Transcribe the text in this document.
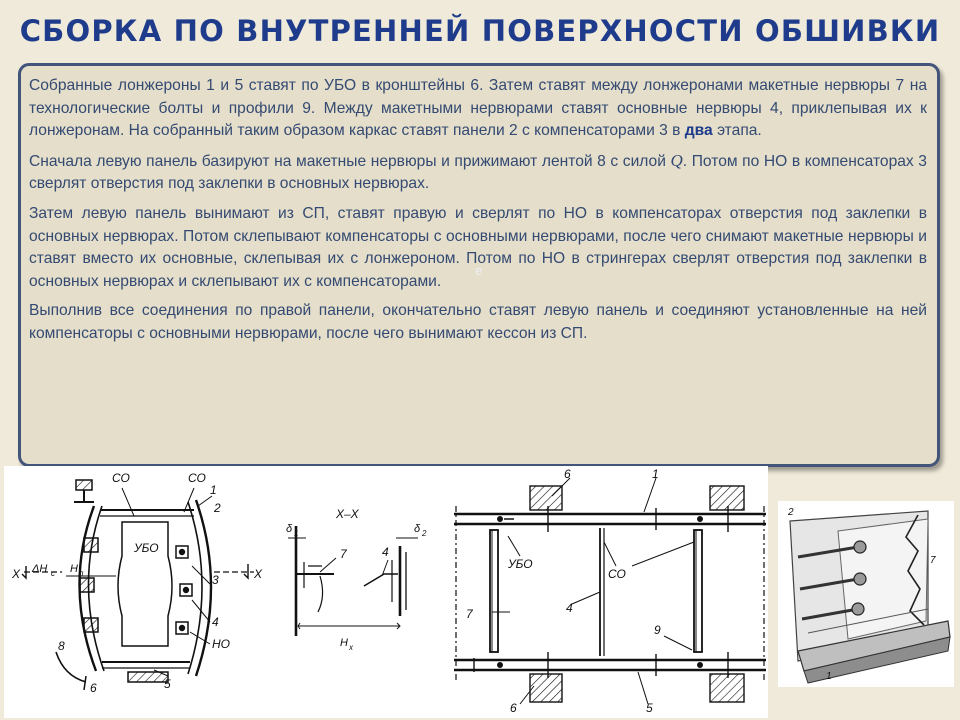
СБОРКА ПО ВНУТРЕННЕЙ ПОВЕРХНОСТИ ОБШИВКИ

Собранные лонжероны 1 и 5 ставят по УБО в кронштейны 6. Затем ставят между лонжеронами макетные нервюры 7 на технологические болты и профили 9. Между макетными нервюрами ставят основные нервюры 4, приклепывая их к лонжеронам. На собранный таким образом каркас ставят панели 2 с компенсаторами 3 в два этапа.

Сначала левую панель базируют на макетные нервюры и прижимают лентой 8 с силой Q. Потом по НО в компенсаторах 3 сверлят отверстия под заклепки в основных нервюрах.

Затем левую панель вынимают из СП, ставят правую и сверлят по НО в компенсаторах отверстия под заклепки в основных нервюрах. Потом склепывают компенсаторы с основными нервюрами, после чего снимают макетные нервюры и ставят вместо их основные, склепывая их с лонжероном. Потом по НО в стрингерах сверлят отверстия под заклепки в основных нервюрах и склепывают их с компенсаторами.

Выполнив все соединения по правой панели, окончательно ставят левую панель и соединяют установленные на ней компенсаторы с основными нервюрами, после чего вынимают кессон из СП.

е
СО	СО
1
2
УБО
X	X
ΔH c H п	3
4
НО
8
6	5
X–X
δ 1	δ 2
7	4
H x
6	1
УБО
СО
7	4
9
6	5
2
7
1
